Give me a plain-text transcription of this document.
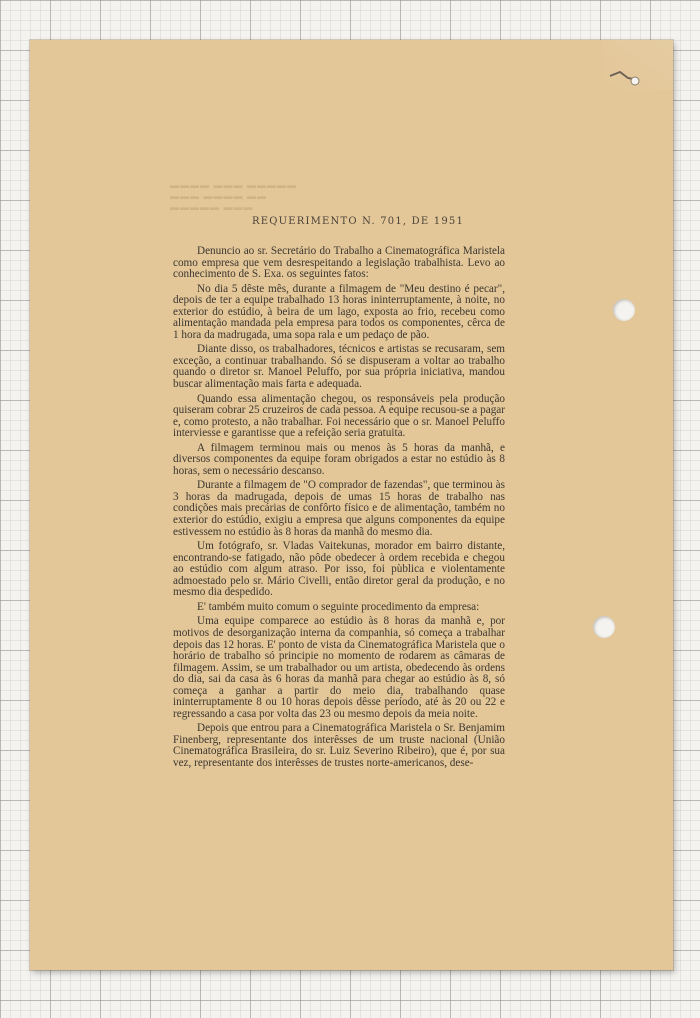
▬▬▬▬ ▬▬▬ ▬▬▬▬▬
▬▬▬ ▬▬▬▬ ▬▬
▬▬▬▬▬ ▬▬▬
REQUERIMENTO N. 701, DE 1951

Denuncio ao sr. Secretário do Trabalho a Cinematográfica Maristela como empresa que vem desrespeitando a legislação trabalhista. Levo ao conhecimento de S. Exa. os seguintes fatos:

No dia 5 dêste mês, durante a filmagem de "Meu destino é pecar", depois de ter a equipe trabalhado 13 horas ininterruptamente, à noite, no exterior do estúdio, à beira de um lago, exposta ao frio, recebeu como alimentação mandada pela empresa para todos os componentes, cêrca de 1 hora da madrugada, uma sopa rala e um pedaço de pão.

Diante disso, os trabalhadores, técnicos e artistas se recusaram, sem exceção, a continuar trabalhando. Só se dispuseram a voltar ao trabalho quando o diretor sr. Manoel Peluffo, por sua própria iniciativa, mandou buscar alimentação mais farta e adequada.

Quando essa alimentação chegou, os responsáveis pela produção quiseram cobrar 25 cruzeiros de cada pessoa. A equipe recusou-se a pagar e, como protesto, a não trabalhar. Foi necessário que o sr. Manoel Peluffo interviesse e garantisse que a refeição seria gratuita.

A filmagem terminou mais ou menos às 5 horas da manhã, e diversos componentes da equipe foram obrigados a estar no estúdio às 8 horas, sem o necessário descanso.

Durante a filmagem de "O comprador de fazendas", que terminou às 3 horas da madrugada, depois de umas 15 horas de trabalho nas condições mais precárias de confôrto físico e de alimentação, também no exterior do estúdio, exigiu a empresa que alguns componentes da equipe estivessem no estúdio às 8 horas da manhã do mesmo dia.

Um fotógrafo, sr. Vladas Vaitekunas, morador em bairro distante, encontrando-se fatigado, não pôde obedecer à ordem recebida e chegou ao estúdio com algum atraso. Por isso, foi pùblica e violentamente admoestado pelo sr. Mário Civelli, então diretor geral da produção, e no mesmo dia despedido.

E' também muito comum o seguinte procedimento da empresa:

Uma equipe comparece ao estúdio às 8 horas da manhã e, por motivos de desorganização interna da companhia, só começa a trabalhar depois das 12 horas. E' ponto de vista da Cinematográfica Maristela que o horário de trabalho só principie no momento de rodarem as câmaras de filmagem. Assim, se um trabalhador ou um artista, obedecendo às ordens do dia, sai da casa às 6 horas da manhã para chegar ao estúdio às 8, só começa a ganhar a partir do meio dia, trabalhando quase ininterruptamente 8 ou 10 horas depois dêsse período, até às 20 ou 22 e regressando a casa por volta das 23 ou mesmo depois da meia noite.

Depois que entrou para a Cinematográfica Maristela o Sr. Benjamim Finenberg, representante dos interêsses de um truste nacional (União Cinematográfica Brasileira, do sr. Luiz Severino Ribeiro), que é, por sua vez, representante dos interêsses de trustes norte-americanos, dese-
